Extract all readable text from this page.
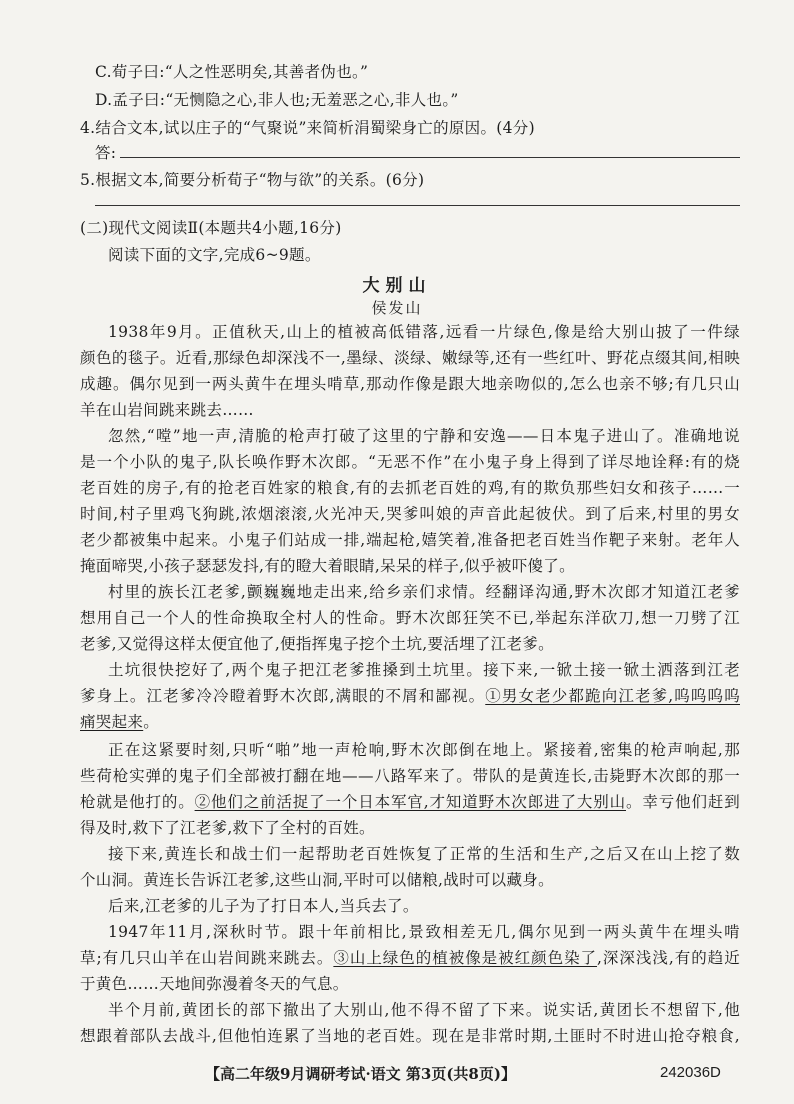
C.荀子曰:“人之性恶明矣,其善者伪也。”
D.孟子曰:“无恻隐之心,非人也;无羞恶之心,非人也。”
4.结合文本,试以庄子的“气聚说”来简析涓蜀梁身亡的原因。(4分)
答:
5.根据文本,简要分析荀子“物与欲”的关系。(6分)
(二)现代文阅读Ⅱ(本题共4小题,16分)
阅读下面的文字,完成6~9题。
大别山
侯发山
1938年9月。正值秋天,山上的植被高低错落,远看一片绿色,像是给大别山披了一件绿
颜色的毯子。近看,那绿色却深浅不一,墨绿、淡绿、嫩绿等,还有一些红叶、野花点缀其间,相映
成趣。偶尔见到一两头黄牛在埋头啃草,那动作像是跟大地亲吻似的,怎么也亲不够;有几只山
羊在山岩间跳来跳去……
忽然,“嘡”地一声,清脆的枪声打破了这里的宁静和安逸——日本鬼子进山了。准确地说
是一个小队的鬼子,队长唤作野木次郎。“无恶不作”在小鬼子身上得到了详尽地诠释:有的烧
老百姓的房子,有的抢老百姓家的粮食,有的去抓老百姓的鸡,有的欺负那些妇女和孩子……一
时间,村子里鸡飞狗跳,浓烟滚滚,火光冲天,哭爹叫娘的声音此起彼伏。到了后来,村里的男女
老少都被集中起来。小鬼子们站成一排,端起枪,嬉笑着,准备把老百姓当作靶子来射。老年人
掩面啼哭,小孩子瑟瑟发抖,有的瞪大着眼睛,呆呆的样子,似乎被吓傻了。
村里的族长江老爹,颤巍巍地走出来,给乡亲们求情。经翻译沟通,野木次郎才知道江老爹
想用自己一个人的性命换取全村人的性命。野木次郎狂笑不已,举起东洋砍刀,想一刀劈了江
老爹,又觉得这样太便宜他了,便指挥鬼子挖个土坑,要活埋了江老爹。
土坑很快挖好了,两个鬼子把江老爹推搡到土坑里。接下来,一锨土接一锨土洒落到江老
爹身上。江老爹冷冷瞪着野木次郎,满眼的不屑和鄙视。①男女老少都跪向江老爹,呜呜呜呜
痛哭起来。
正在这紧要时刻,只听“啪”地一声枪响,野木次郎倒在地上。紧接着,密集的枪声响起,那
些荷枪实弹的鬼子们全部被打翻在地——八路军来了。带队的是黄连长,击毙野木次郎的那一
枪就是他打的。②他们之前活捉了一个日本军官,才知道野木次郎进了大别山。幸亏他们赶到
得及时,救下了江老爹,救下了全村的百姓。
接下来,黄连长和战士们一起帮助老百姓恢复了正常的生活和生产,之后又在山上挖了数
个山洞。黄连长告诉江老爹,这些山洞,平时可以储粮,战时可以藏身。
后来,江老爹的儿子为了打日本人,当兵去了。
1947年11月,深秋时节。跟十年前相比,景致相差无几,偶尔见到一两头黄牛在埋头啃
草;有几只山羊在山岩间跳来跳去。③山上绿色的植被像是被红颜色染了,深深浅浅,有的趋近
于黄色……天地间弥漫着冬天的气息。
半个月前,黄团长的部下撤出了大别山,他不得不留了下来。说实话,黄团长不想留下,他
想跟着部队去战斗,但他怕连累了当地的老百姓。现在是非常时期,土匪时不时进山抢夺粮食,
【高二年级9月调研考试·语文 第3页(共8页)】	242036D
